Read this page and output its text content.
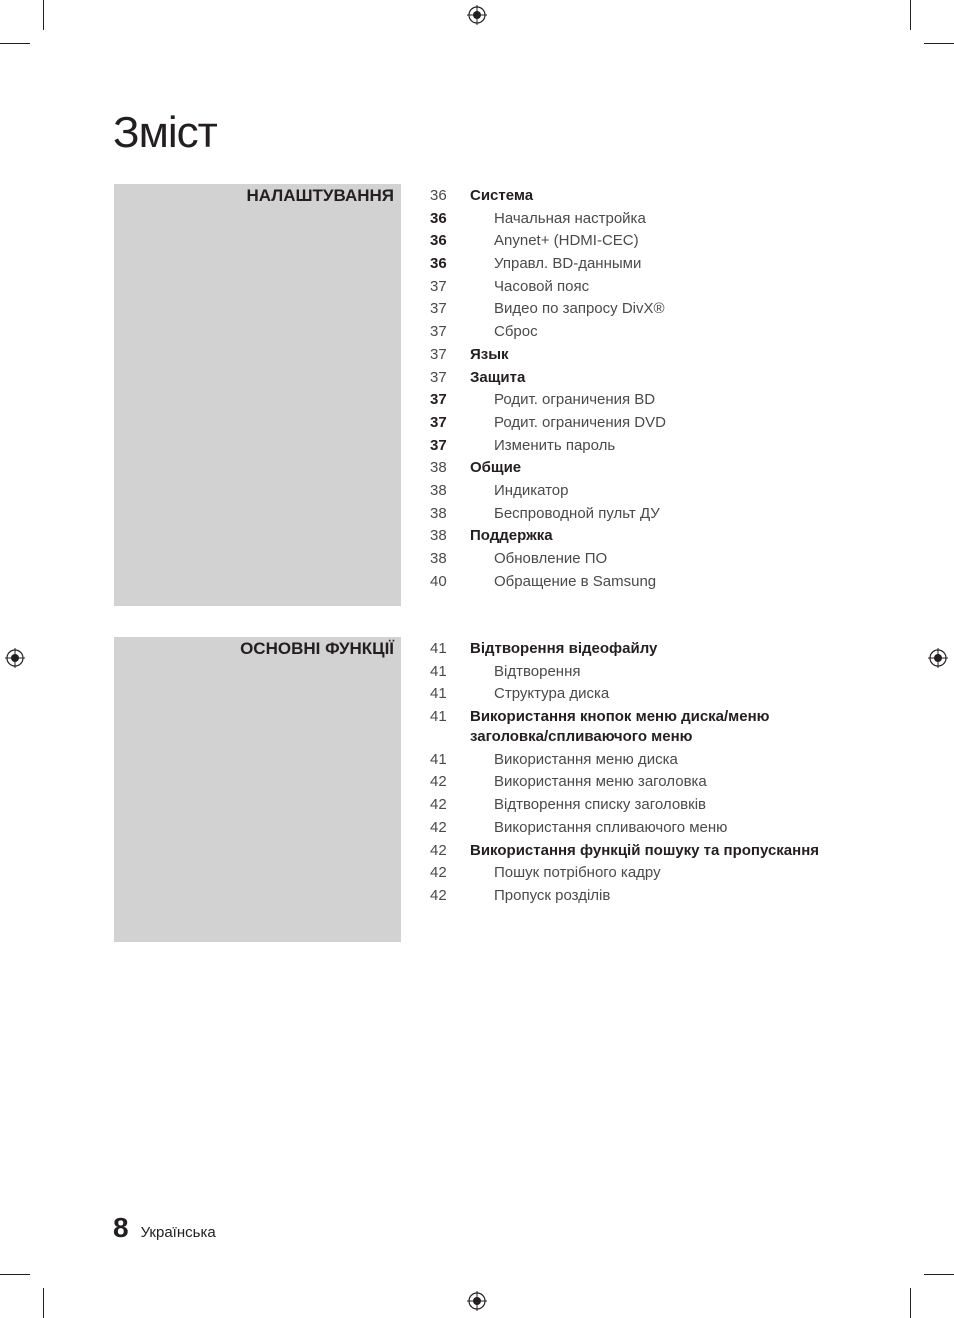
Зміст
НАЛАШТУВАННЯ 36	Система
36	Начальная настройка
36	Anynet+ (HDMI-CEC)
36	Управл. BD-данными
37	Часовой пояс
37	Видео по запросу DivX®
37	Сброс
37	Язык
37	Защита
37	Родит. ограничения BD
37	Родит. ограничения DVD
37	Изменить пароль
38	Общие
38	Индикатор
38	Беспроводной пульт ДУ
38	Поддержка
38	Обновление ПО
40	Обращение в Samsung
ОСНОВНІ ФУНКЦІЇ 41	Відтворення відеофайлу
41	Відтворення
41	Структура диска
41	Використання кнопок меню диска/меню заголовка/спливаючого меню
41	Використання меню диска
42	Використання меню заголовка
42	Відтворення списку заголовків
42	Використання спливаючого меню
42	Використання функцій пошуку та пропускання
42	Пошук потрібного кадру
42	Пропуск розділів
8 Українська
